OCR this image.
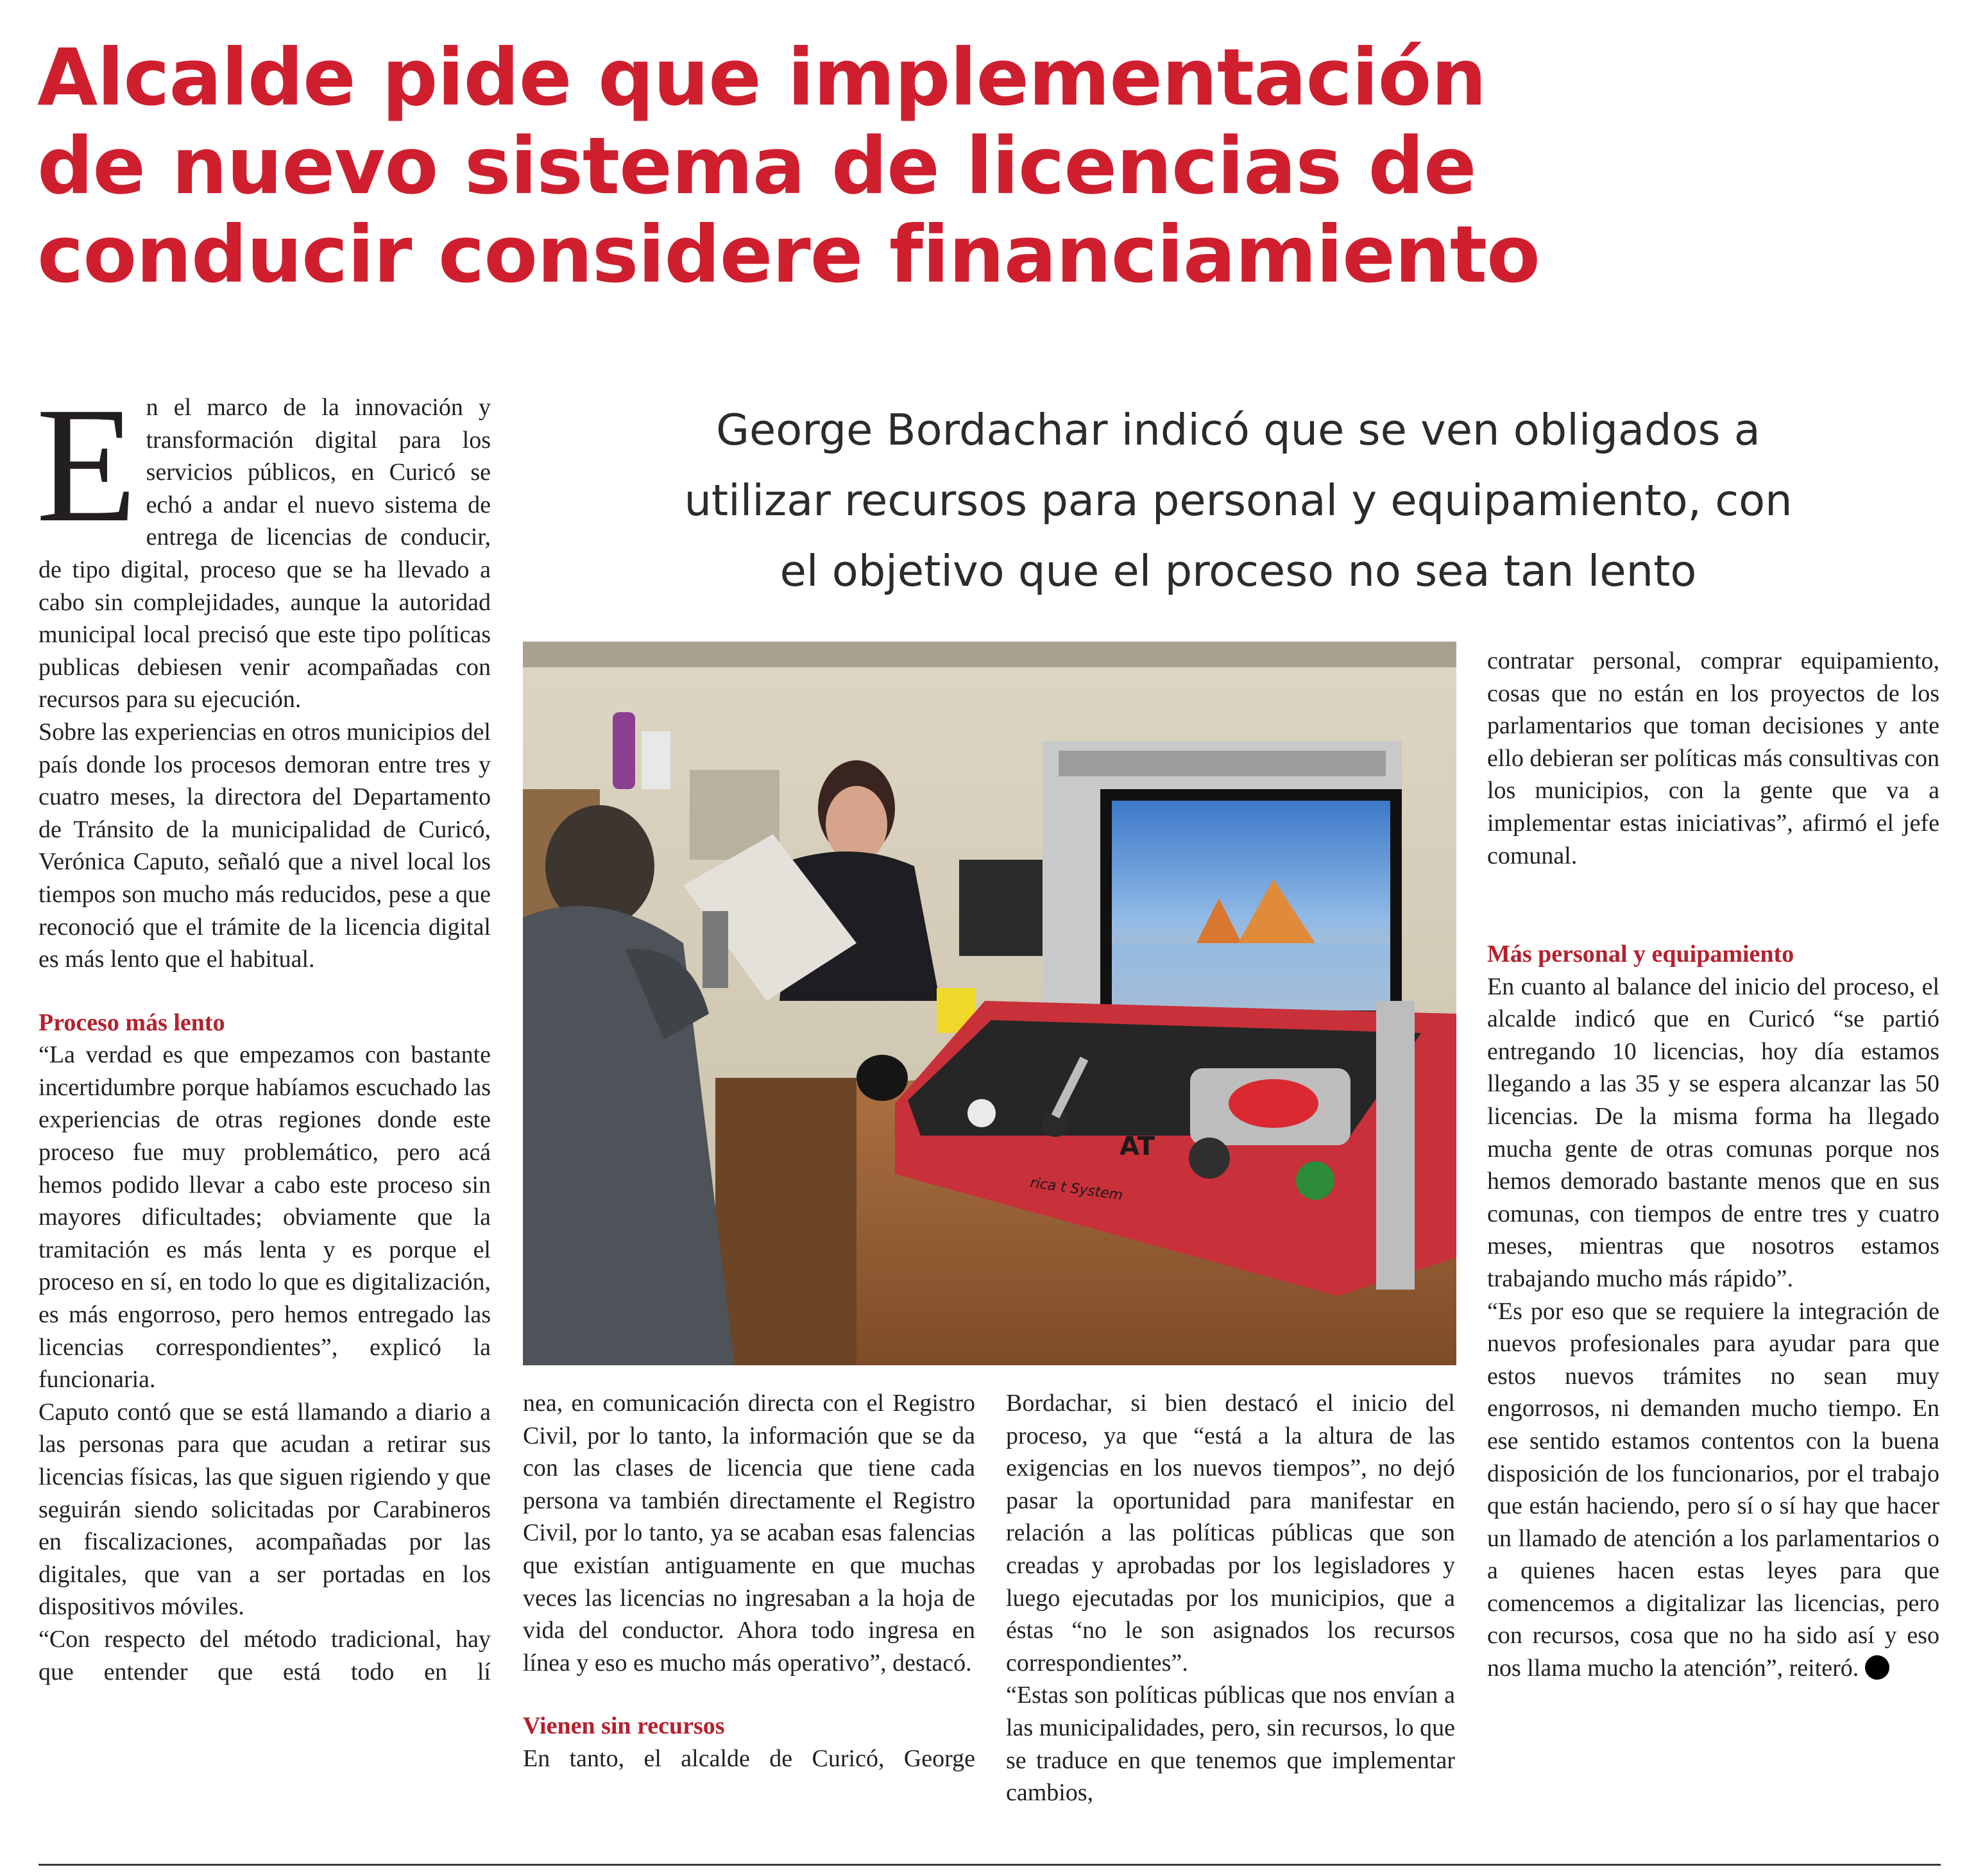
Alcalde pide que implementación
de nuevo sistema de licencias de
conducir considere financiamiento
George Bordachar indicó que se ven obligados a
utilizar recursos para personal y equipamiento, con
el objetivo que el proceso no sea tan lento

En el marco de la innovación y transformación digital para los servicios públicos, en Curicó se echó a andar el nuevo sistema de entrega de licencias de conducir, de tipo digital, proceso que se ha llevado a cabo sin complejidades, aunque la autoridad municipal local precisó que este tipo políticas publicas debiesen venir acompañadas con recursos para su ejecución.

Sobre las experiencias en otros municipios del país donde los procesos demoran entre tres y cuatro meses, la directora del Departamento de Tránsito de la municipalidad de Curicó, Verónica Caputo, señaló que a nivel local los tiempos son mucho más reducidos, pese a que reconoció que el trámite de la licencia digital es más lento que el habitual.

Proceso más lento

“La verdad es que empezamos con bastante incertidumbre porque habíamos escuchado las experiencias de otras regiones donde este proceso fue muy problemático, pero acá hemos podido llevar a cabo este proceso sin mayores dificultades; obviamente que la tramitación es más lenta y es porque el proceso en sí, en todo lo que es digitalización, es más engorroso, pero hemos entregado las licencias correspondientes”, explicó la funcionaria.

Caputo contó que se está llamando a diario a las personas para que acudan a retirar sus licencias físicas, las que siguen rigiendo y que seguirán siendo solicitadas por Carabineros en fiscalizaciones, acompañadas por las digitales, que van a ser portadas en los dispositivos móviles.

“Con respecto del método tradicional, hay que entender que está todo en lí

AT
rica t System

nea, en comunicación directa con el Registro Civil, por lo tanto, la información que se da con las clases de licencia que tiene cada persona va también directamente el Registro Civil, por lo tanto, ya se acaban esas falencias que existían antiguamente en que muchas veces las licencias no ingresaban a la hoja de vida del conductor. Ahora todo ingresa en línea y eso es mucho más operativo”, destacó.

Vienen sin recursos

En tanto, el alcalde de Curicó, George

Bordachar, si bien destacó el inicio del proceso, ya que “está a la altura de las exigencias en los nuevos tiempos”, no dejó pasar la oportunidad para manifestar en relación a las políticas públicas que son creadas y aprobadas por los legisladores y luego ejecutadas por los municipios, que a éstas “no le son asignados los recursos correspondientes”.

“Estas son políticas públicas que nos envían a las municipalidades, pero, sin recursos, lo que se traduce en que tenemos que implementar cambios,

contratar personal, comprar equipamiento, cosas que no están en los proyectos de los parlamentarios que toman decisiones y ante ello debieran ser políticas más consultivas con los municipios, con la gente que va a implementar estas iniciativas”, afirmó el jefe comunal.

Más personal y equipamiento

En cuanto al balance del inicio del proceso, el alcalde indicó que en Curicó “se partió entregando 10 licencias, hoy día estamos llegando a las 35 y se espera alcanzar las 50 licencias. De la misma forma ha llegado mucha gente de otras comunas porque nos hemos demorado bastante menos que en sus comunas, con tiempos de entre tres y cuatro meses, mientras que nosotros estamos trabajando mucho más rápido”.

“Es por eso que se requiere la integración de nuevos profesionales para ayudar para que estos nuevos trámites no sean muy engorrosos, ni demanden mucho tiempo. En ese sentido estamos contentos con la buena disposición de los funcionarios, por el trabajo que están haciendo, pero sí o sí hay que hacer un llamado de atención a los parlamentarios o a quienes hacen estas leyes para que comencemos a digitalizar las licencias, pero con recursos, cosa que no ha sido así y eso nos llama mucho la atención”, reiteró.
